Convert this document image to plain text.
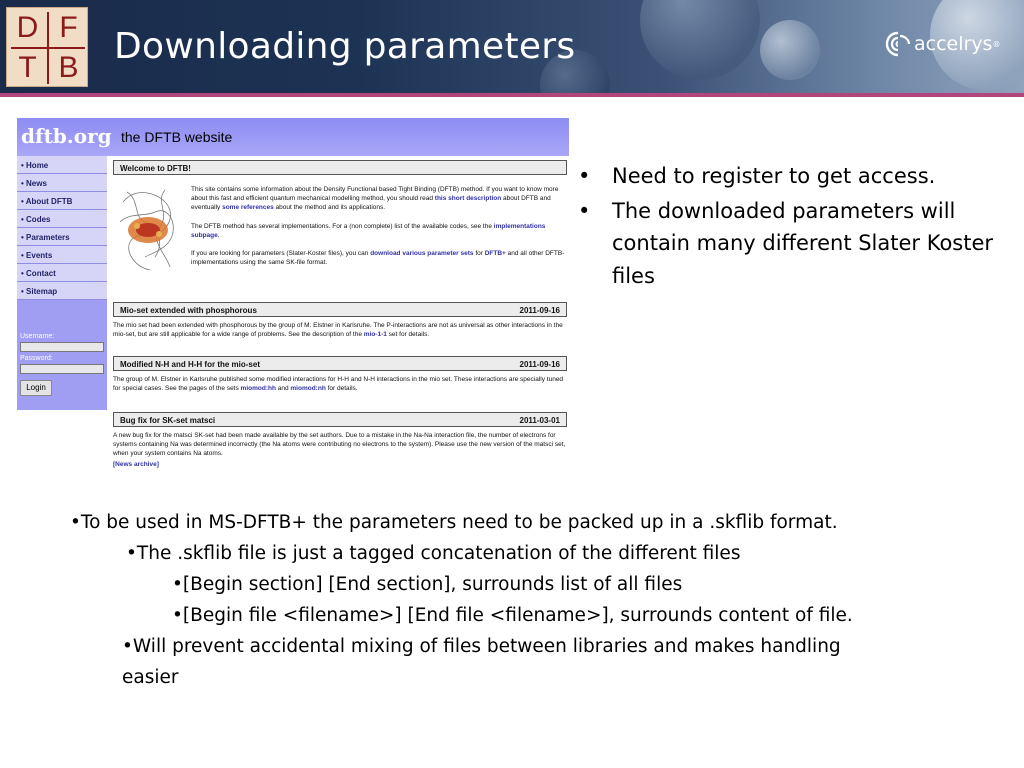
D F
T B
Downloading parameters	accelrys ®
dftb.org the DFTB website
• Home
• News
• About DFTB
• Codes
• Parameters
• Events
• Contact
• Sitemap
Username:
Password:
Login
Welcome to DFTB!
This site contains some information about the Density Functional based Tight Binding (DFTB) method. If you want to know more about this fast and efficient quantum mechanical modelling method, you should read this short description about DFTB and eventually some references about the method and its applications.
The DFTB method has several implementations. For a (non complete) list of the available codes, see the implementations subpage.
If you are looking for parameters (Slater-Koster files), you can download various parameter sets for DFTB+ and all other DFTB-implementations using the same SK-file format.
Mio-set extended with phosphorous	2011-09-16
The mio set had been extended with phosphorous by the group of M. Elstner in Karlsruhe. The P-interactions are not as universal as other interactions in the mio-set, but are still applicable for a wide range of problems. See the description of the mio-1-1 set for details.
Modified N-H and H-H for the mio-set	2011-09-16
The group of M. Elstner in Karlsruhe published some modified interactions for H-H and N-H interactions in the mio set. These interactions are specially tuned for special cases. See the pages of the sets miomod:hh and miomod:nh for details.
Bug fix for SK-set matsci	2011-03-01
A new bug fix for the matsci SK-set had been made available by the set authors. Due to a mistake in the Na-Na interaction file, the number of electrons for systems containing Na was determined incorrectly (the Na atoms were contributing no electrons to the system). Please use the new version of the matsci set, when your system contains Na atoms.
[News archive]
• Need to register to get access.
• The downloaded parameters will contain many different Slater Koster files
•To be used in MS-DFTB+ the parameters need to be packed up in a .skflib format.
•The .skflib file is just a tagged concatenation of the different files
•[Begin section] [End section], surrounds list of all files
•[Begin file <filename>] [End file <filename>], surrounds content of file.
•Will prevent accidental mixing of files between libraries and makes handling
easier
